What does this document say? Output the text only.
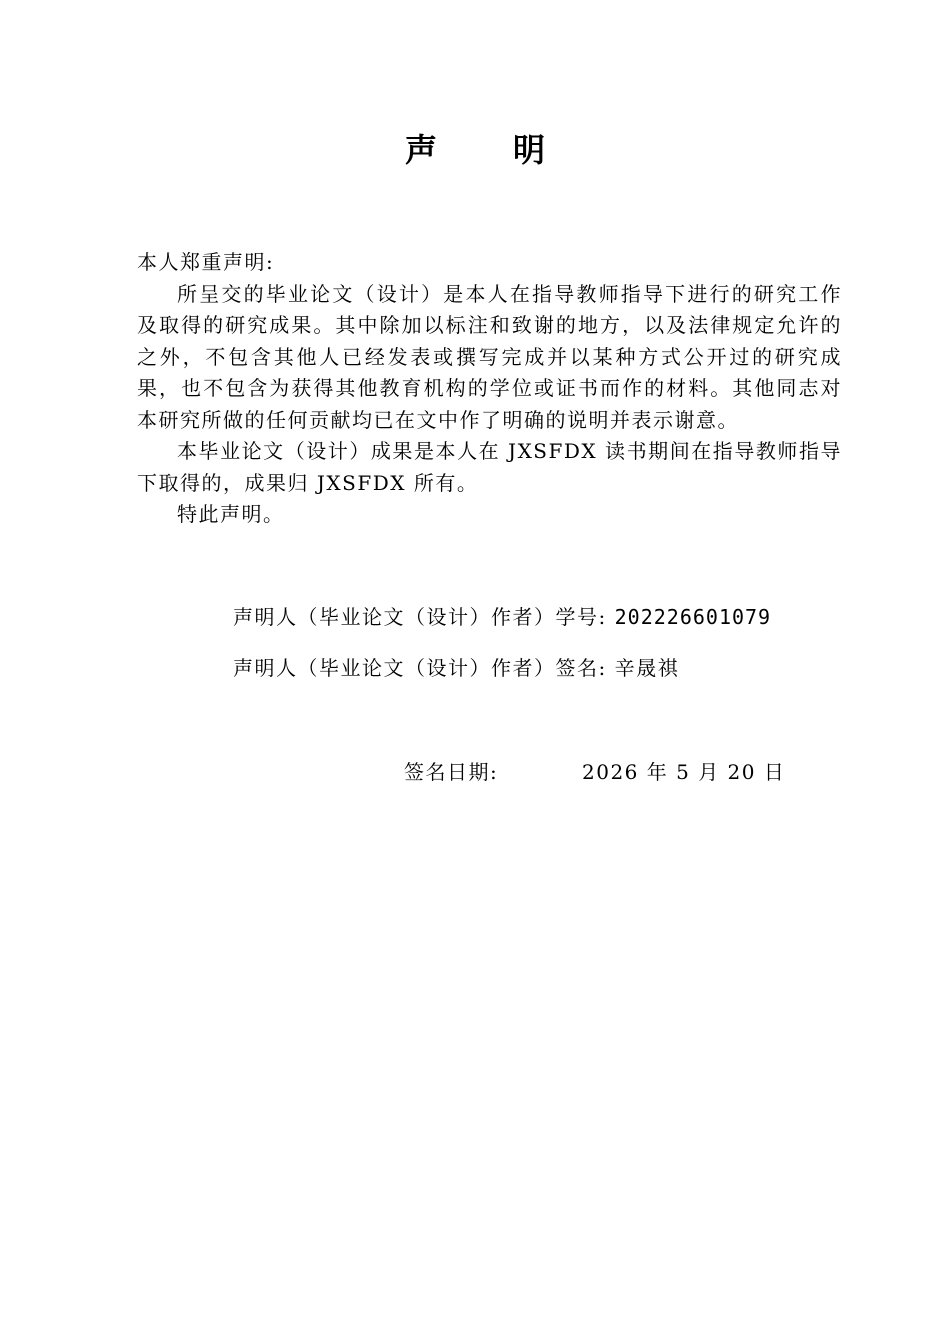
声 明

本人郑重声明:

所呈交的毕业论文（设计）是本人在指导教师指导下进行的研究工作及取得的研究成果。其中除加以标注和致谢的地方，以及法律规定允许的之外，不包含其他人已经发表或撰写完成并以某种方式公开过的研究成果，也不包含为获得其他教育机构的学位或证书而作的材料。其他同志对本研究所做的任何贡献均已在文中作了明确的说明并表示谢意。

本毕业论文（设计）成果是本人在 JXSFDX 读书期间在指导教师指导下取得的，成果归 JXSFDX 所有。

特此声明。

声明人（毕业论文（设计）作者）学号: 202226601079
声明人（毕业论文（设计）作者）签名: 辛晟祺
签名日期:	2026 年 5 月 20 日
